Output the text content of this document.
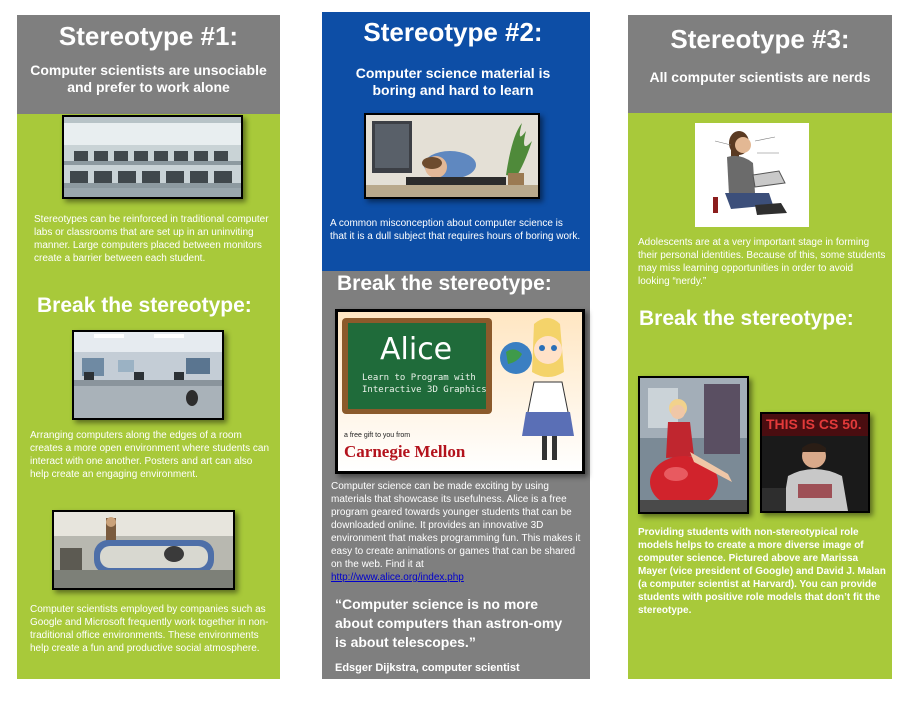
Stereotype #1:
Computer scientists are unsociable
and prefer to work alone
Stereotypes can be reinforced in traditional computer labs or classrooms that are set up in an uninviting manner. Large computers placed between monitors create a barrier between each student.
Break the stereotype:
Arranging computers along the edges of a room creates a more open environment where students can interact with one another. Posters and art can also help create an engaging environment.
Computer scientists employed by companies such as Google and Microsoft frequently work together in non-traditional office environments. These environments help create a fun and productive social atmosphere.
Stereotype #2:
Computer science material is
boring and hard to learn
A common misconception about computer science is that it is a dull subject that requires hours of boring work.
Break the stereotype:
Alice
Learn to Program with
Interactive 3D Graphics
a free gift to you from
Carnegie Mellon
Computer science can be made exciting by using materials that showcase its usefulness. Alice is a free program geared towards younger students that can be downloaded online. It provides an innovative 3D environment that makes programming fun. This makes it easy to create animations or games that can be shared on the web. Find it at
http://www.alice.org/index.php
“Computer science is no more about computers than astron-omy is about telescopes.”
Edsger Dijkstra, computer scientist
Stereotype #3:
All computer scientists are nerds
Adolescents are at a very important stage in forming their personal identities. Because of this, some students may miss learning opportunities in order to avoid looking “nerdy.”
Break the stereotype:
THIS IS CS 50.
Providing students with non-stereotypical role models helps to create a more diverse image of computer science. Pictured above are Marissa Mayer (vice president of Google) and David J. Malan (a computer scientist at Harvard). You can provide students with positive role models that don’t fit the stereotype.
